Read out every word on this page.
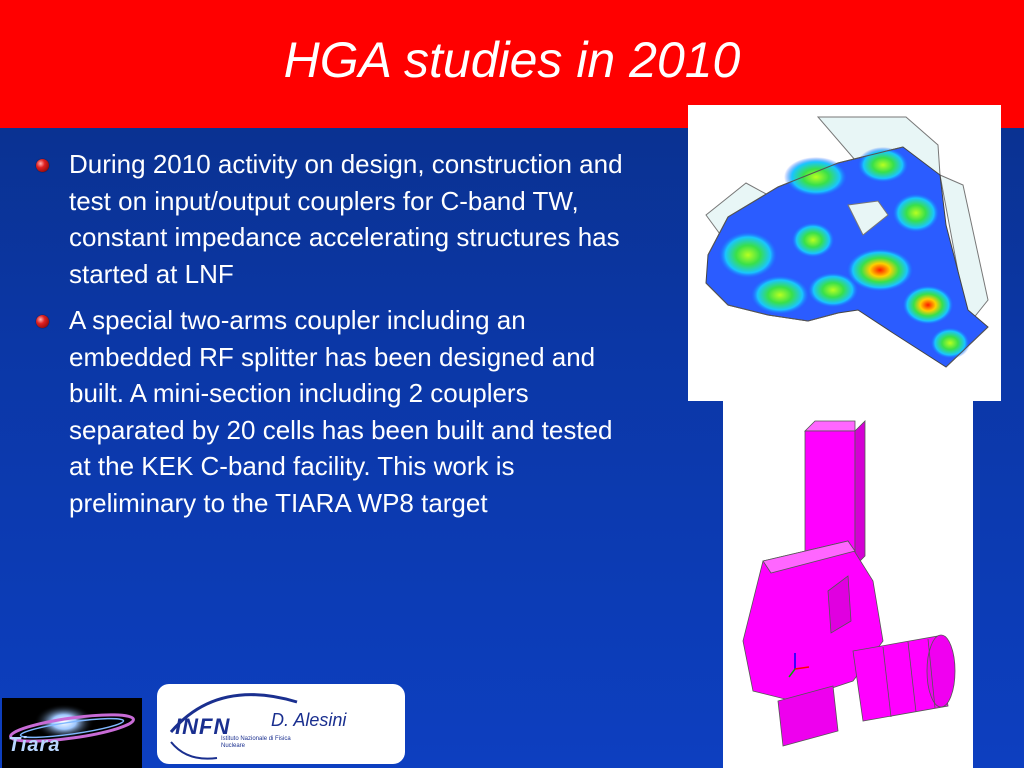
HGA studies in 2010
During 2010 activity on design, construction and test on input/output couplers for C-band TW, constant impedance accelerating structures has started at LNF
A special two-arms coupler including an embedded RF splitter has been designed and built. A mini-section including 2 couplers separated by 20 cells has been built and tested at the KEK C-band facility. This work is preliminary to the TIARA WP8 target
Tiara
INFN
Istituto Nazionale di Fisica Nucleare
D. Alesini
